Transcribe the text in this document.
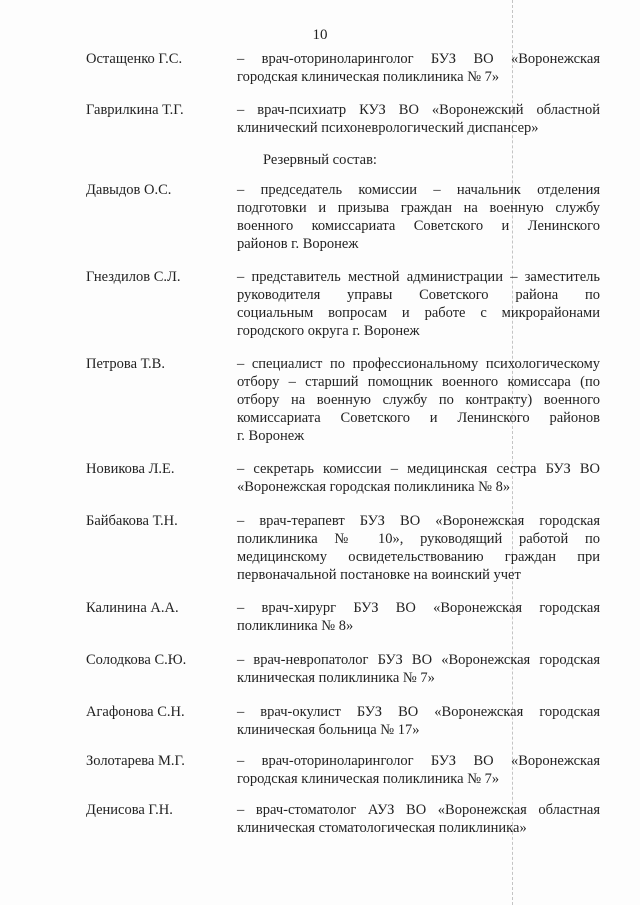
10
Остащенко Г.С.	– врач-оториноларинголог БУЗ ВО «Воронежская
городская клиническая поликлиника № 7»
Гаврилкина Т.Г.	– врач-психиатр КУЗ ВО «Воронежский областной
клинический психоневрологический диспансер»
Резервный состав:
Давыдов О.С.	– председатель комиссии – начальник отделения
подготовки и призыва граждан на военную службу
военного комиссариата Советского и Ленинского
районов г. Воронеж
Гнездилов С.Л.	– представитель местной администрации – заместитель
руководителя управы Советского района по
социальным вопросам и работе с микрорайонами
городского округа г. Воронеж
Петрова Т.В.	– специалист по профессиональному психологическому
отбору – старший помощник военного комиссара (по
отбору на военную службу по контракту) военного
комиссариата Советского и Ленинского районов
г. Воронеж
Новикова Л.Е.	– секретарь комиссии – медицинская сестра БУЗ ВО
«Воронежская городская поликлиника № 8»
Байбакова Т.Н.	– врач-терапевт БУЗ ВО «Воронежская городская
поликлиника № 10», руководящий работой по
медицинскому освидетельствованию граждан при
первоначальной постановке на воинский учет
Калинина А.А.	– врач-хирург БУЗ ВО «Воронежская городская
поликлиника № 8»
Солодкова С.Ю.	– врач-невропатолог БУЗ ВО «Воронежская городская
клиническая поликлиника № 7»
Агафонова С.Н.	– врач-окулист БУЗ ВО «Воронежская городская
клиническая больница № 17»
Золотарева М.Г.	– врач-оториноларинголог БУЗ ВО «Воронежская
городская клиническая поликлиника № 7»
Денисова Г.Н.	– врач-стоматолог АУЗ ВО «Воронежская областная
клиническая стоматологическая поликлиника»
